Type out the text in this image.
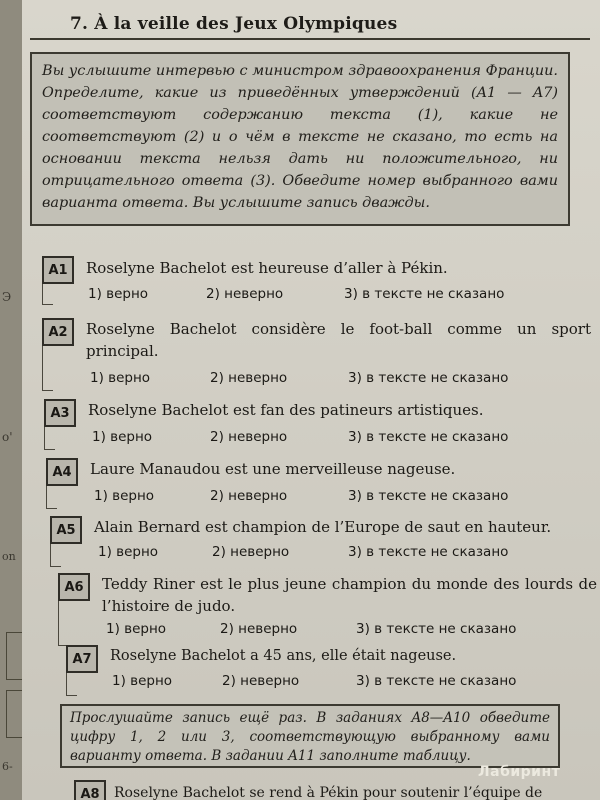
Э
о'
on
6-
7. À la veille des Jeux Olympiques
Вы услышите интервью с министром здравоохранения Франции. Определите, какие из приведённых утверждений (A1 — A7) соответствуют содержанию текста (1), какие не соответствуют (2) и о чём в тексте не сказано, то есть на основании текста нельзя дать ни положительного, ни отрицательного ответа (3). Обведите номер выбранного вами варианта ответа. Вы услышите запись дважды.
A1	Roselyne Bachelot est heureuse d’aller à Pékin.
1) верно	2) неверно	3) в тексте не сказано
A2	Roselyne Bachelot considère le foot-ball comme un sport principal.
1) верно	2) неверно	3) в тексте не сказано
A3	Roselyne Bachelot est fan des patineurs artistiques.
1) верно	2) неверно	3) в тексте не сказано
A4	Laure Manaudou est une merveilleuse nageuse.
1) верно	2) неверно	3) в тексте не сказано
A5	Alain Bernard est champion de l’Europe de saut en hauteur.
1) верно	2) неверно	3) в тексте не сказано
A6	Teddy Riner est le plus jeune champion du monde des lourds de l’histoire de judo.
1) верно	2) неверно	3) в тексте не сказано
A7	Roselyne Bachelot a 45 ans, elle était nageuse.
1) верно	2) неверно	3) в тексте не сказано
Прослушайте запись ещё раз. В заданиях A8—A10 обведите цифру 1, 2 или 3, соответствующую выбранному вами варианту ответа. В задании A11 заполните таблицу.
A8	Roselyne Bachelot se rend à Pékin pour soutenir l’équipe de
Лабиринт
